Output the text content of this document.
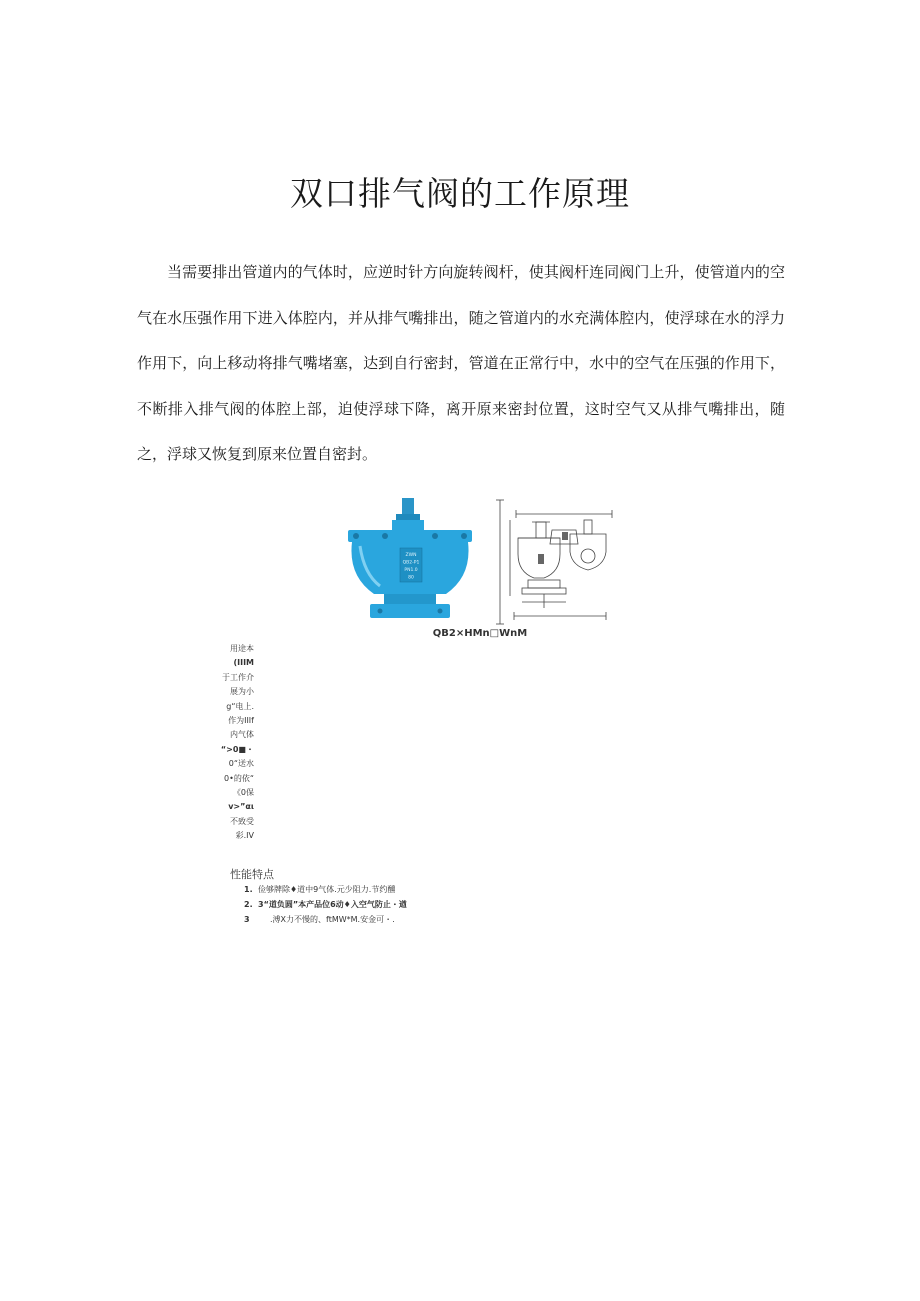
双口排气阀的工作原理

当需要排出管道内的气体时，应逆时针方向旋转阀杆，使其阀杆连同阀门上升，使管道内的空气在水压强作用下进入体腔内，并从排气嘴排出，随之管道内的水充满体腔内，使浮球在水的浮力作用下，向上移动将排气嘴堵塞，达到自行密封，管道在正常行中，水中的空气在压强的作用下，不断排入排气阀的体腔上部，迫使浮球下降，离开原来密封位置，这时空气又从排气嘴排出，随之，浮球又恢复到原来位置自密封。

ZWN
QB2-P1
PN1.0
80
QB2×HMn□WnM
用途本
(IIIM
于工作介
展为小
g“电上.
作为IIIf
内气体
“>0■・
0“送水
0•的依“
《0保
v>”αι
不致受
彩.IV
性能特点
1. 俭够牌除♦道中9气体.元少阻力.节约醺
2. 3“道负圆”本产品位6动♦入空气防止・遒
3	.溥X力不慢的、ftMW*M.安金可・.
